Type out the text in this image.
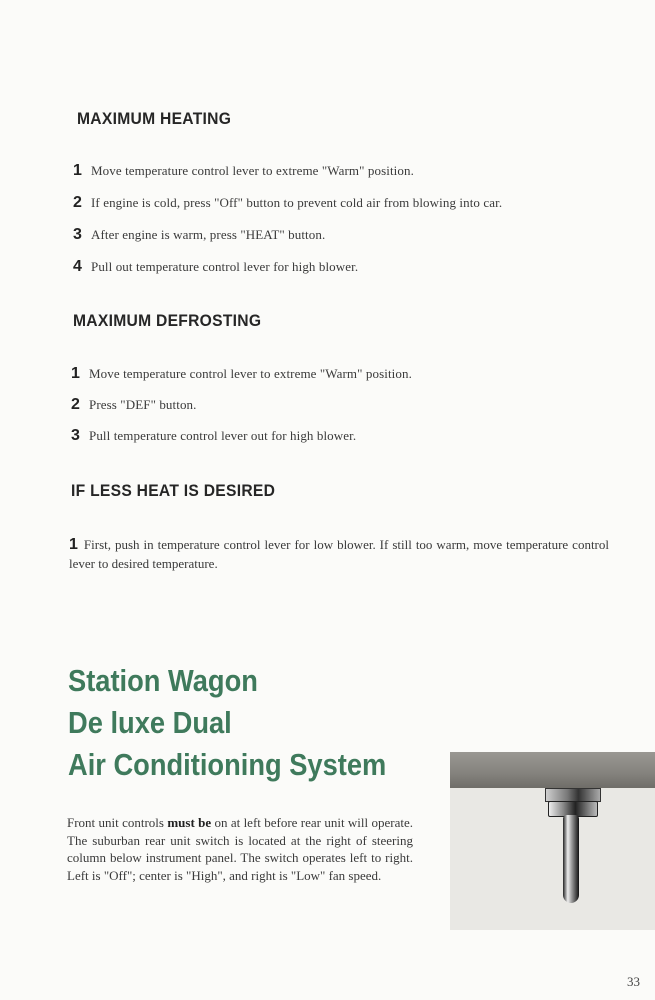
MAXIMUM HEATING
1 Move temperature control lever to extreme "Warm" position.
2 If engine is cold, press "Off" button to prevent cold air from blowing into car.
3 After engine is warm, press "HEAT" button.
4 Pull out temperature control lever for high blower.
MAXIMUM DEFROSTING
1 Move temperature control lever to extreme "Warm" position.
2 Press "DEF" button.
3 Pull temperature control lever out for high blower.
IF LESS HEAT IS DESIRED

1 First, push in temperature control lever for low blower. If still too warm, move temperature control lever to desired temperature.

Station Wagon
De luxe Dual
Air Conditioning System

Front unit controls must be on at left before rear unit will operate. The suburban rear unit switch is located at the right of steering column below instrument panel. The switch operates left to right. Left is "Off"; center is "High", and right is "Low" fan speed.

33
